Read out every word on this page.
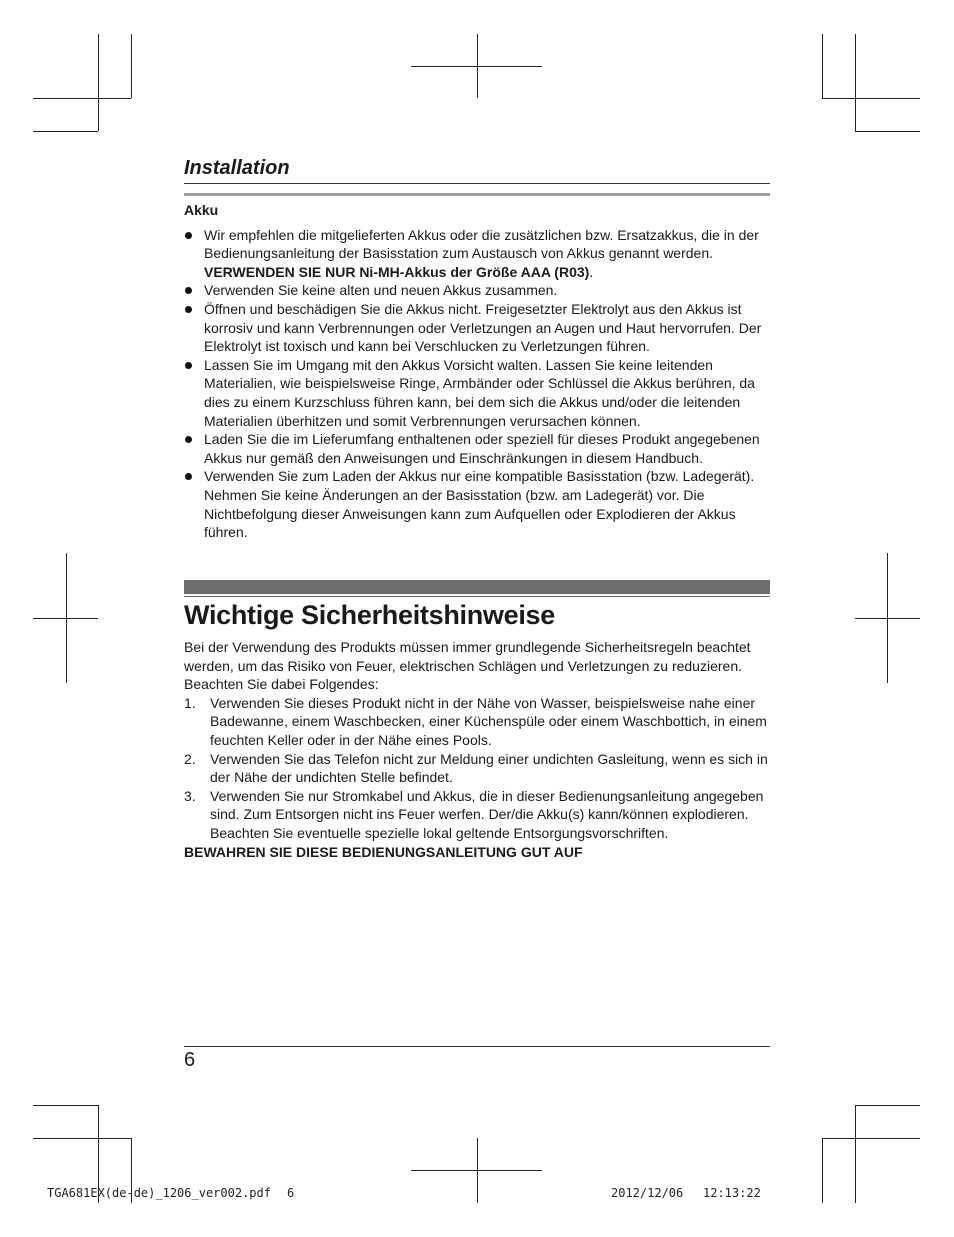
Installation
Akku
Wir empfehlen die mitgelieferten Akkus oder die zusätzlichen bzw. Ersatzakkus, die in der Bedienungsanleitung der Basisstation zum Austausch von Akkus genannt werden. VERWENDEN SIE NUR Ni-MH-Akkus der Größe AAA (R03).
Verwenden Sie keine alten und neuen Akkus zusammen.
Öffnen und beschädigen Sie die Akkus nicht. Freigesetzter Elektrolyt aus den Akkus ist korrosiv und kann Verbrennungen oder Verletzungen an Augen und Haut hervorrufen. Der Elektrolyt ist toxisch und kann bei Verschlucken zu Verletzungen führen.
Lassen Sie im Umgang mit den Akkus Vorsicht walten. Lassen Sie keine leitenden Materialien, wie beispielsweise Ringe, Armbänder oder Schlüssel die Akkus berühren, da dies zu einem Kurzschluss führen kann, bei dem sich die Akkus und/oder die leitenden Materialien überhitzen und somit Verbrennungen verursachen können.
Laden Sie die im Lieferumfang enthaltenen oder speziell für dieses Produkt angegebenen Akkus nur gemäß den Anweisungen und Einschränkungen in diesem Handbuch.
Verwenden Sie zum Laden der Akkus nur eine kompatible Basisstation (bzw. Ladegerät). Nehmen Sie keine Änderungen an der Basisstation (bzw. am Ladegerät) vor. Die Nichtbefolgung dieser Anweisungen kann zum Aufquellen oder Explodieren der Akkus führen.
Wichtige Sicherheitshinweise
Bei der Verwendung des Produkts müssen immer grundlegende Sicherheitsregeln beachtet werden, um das Risiko von Feuer, elektrischen Schlägen und Verletzungen zu reduzieren. Beachten Sie dabei Folgendes:
1. Verwenden Sie dieses Produkt nicht in der Nähe von Wasser, beispielsweise nahe einer Badewanne, einem Waschbecken, einer Küchenspüle oder einem Waschbottich, in einem feuchten Keller oder in der Nähe eines Pools.
2. Verwenden Sie das Telefon nicht zur Meldung einer undichten Gasleitung, wenn es sich in der Nähe der undichten Stelle befindet.
3. Verwenden Sie nur Stromkabel und Akkus, die in dieser Bedienungsanleitung angegeben sind. Zum Entsorgen nicht ins Feuer werfen. Der/die Akku(s) kann/können explodieren. Beachten Sie eventuelle spezielle lokal geltende Entsorgungsvorschriften.
BEWAHREN SIE DIESE BEDIENUNGSANLEITUNG GUT AUF
6
TGA681EX(de-de)_1206_ver002.pdf 6	2012/12/06 12:13:22
